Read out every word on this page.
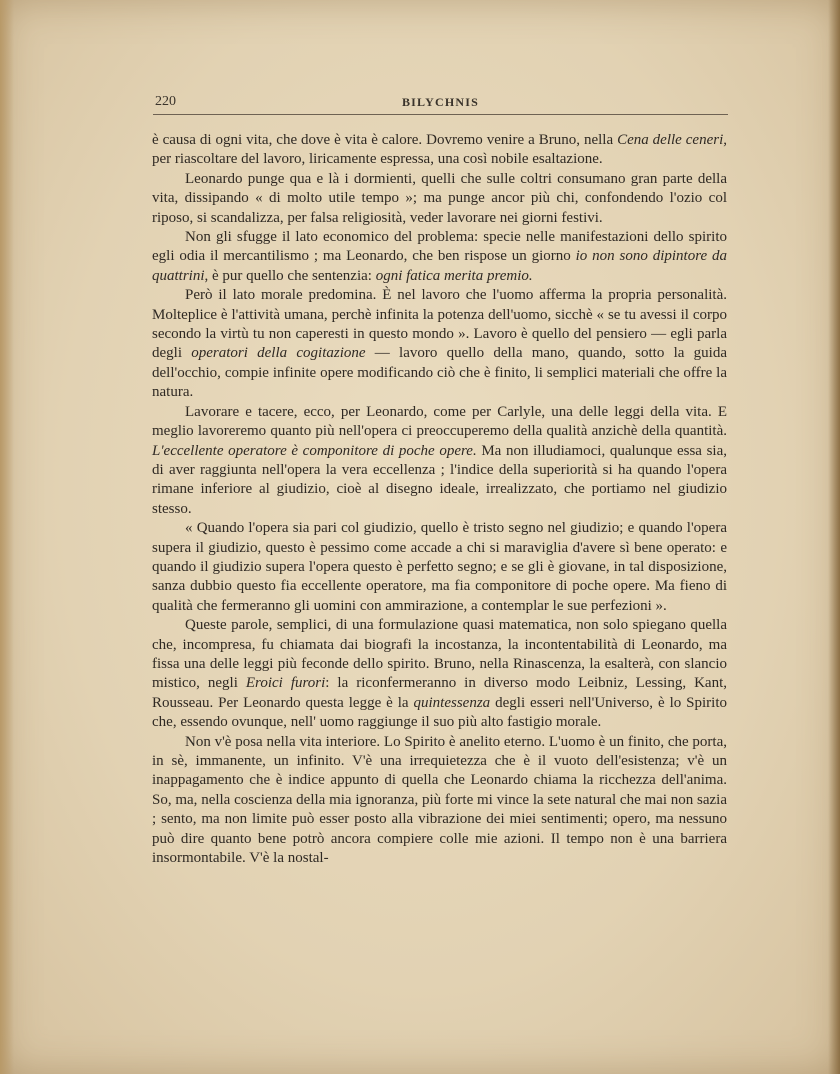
220	BILYCHNIS

è causa di ogni vita, che dove è vita è calore. Dovremo venire a Bruno, nella Cena delle ceneri, per riascoltare del lavoro, liricamente espressa, una così nobile esaltazione.

Leonardo punge qua e là i dormienti, quelli che sulle coltri consumano gran parte della vita, dissipando « di molto utile tempo »; ma punge ancor più chi, confondendo l'ozio col riposo, si scandalizza, per falsa religiosità, veder lavorare nei giorni festivi.

Non gli sfugge il lato economico del problema: specie nelle manifestazioni dello spirito egli odia il mercantilismo ; ma Leonardo, che ben rispose un giorno io non sono dipintore da quattrini, è pur quello che sentenzia: ogni fatica merita premio.

Però il lato morale predomina. È nel lavoro che l'uomo afferma la propria personalità. Molteplice è l'attività umana, perchè infinita la potenza dell'uomo, sicchè « se tu avessi il corpo secondo la virtù tu non caperesti in questo mondo ». Lavoro è quello del pensiero — egli parla degli operatori della cogitazione — lavoro quello della mano, quando, sotto la guida dell'occhio, compie infinite opere modificando ciò che è finito, li semplici materiali che offre la natura.

Lavorare e tacere, ecco, per Leonardo, come per Carlyle, una delle leggi della vita. E meglio lavoreremo quanto più nell'opera ci preoccuperemo della qualità anzichè della quantità. L'eccellente operatore è componitore di poche opere. Ma non illudiamoci, qualunque essa sia, di aver raggiunta nell'opera la vera eccellenza ; l'indice della superiorità si ha quando l'opera rimane inferiore al giudizio, cioè al disegno ideale, irrealizzato, che portiamo nel giudizio stesso.

« Quando l'opera sia pari col giudizio, quello è tristo segno nel giudizio; e quando l'opera supera il giudizio, questo è pessimo come accade a chi si maraviglia d'avere sì bene operato: e quando il giudizio supera l'opera questo è perfetto segno; e se gli è giovane, in tal disposizione, sanza dubbio questo fia eccellente operatore, ma fia componitore di poche opere. Ma fieno di qualità che fermeranno gli uomini con ammirazione, a contemplar le sue perfezioni ».

Queste parole, semplici, di una formulazione quasi matematica, non solo spiegano quella che, incompresa, fu chiamata dai biografi la incostanza, la incontentabilità di Leonardo, ma fissa una delle leggi più feconde dello spirito. Bruno, nella Rinascenza, la esalterà, con slancio mistico, negli Eroici furori: la riconfermeranno in diverso modo Leibniz, Lessing, Kant, Rousseau. Per Leonardo questa legge è la quintessenza degli esseri nell'Universo, è lo Spirito che, essendo ovunque, nell' uomo raggiunge il suo più alto fastigio morale.

Non v'è posa nella vita interiore. Lo Spirito è anelito eterno. L'uomo è un finito, che porta, in sè, immanente, un infinito. V'è una irrequietezza che è il vuoto dell'esistenza; v'è un inappagamento che è indice appunto di quella che Leonardo chiama la ricchezza dell'anima. So, ma, nella coscienza della mia ignoranza, più forte mi vince la sete natural che mai non sazia ; sento, ma non limite può esser posto alla vibrazione dei miei sentimenti; opero, ma nessuno può dire quanto bene potrò ancora compiere colle mie azioni. Il tempo non è una barriera insormontabile. V'è la nostal-
